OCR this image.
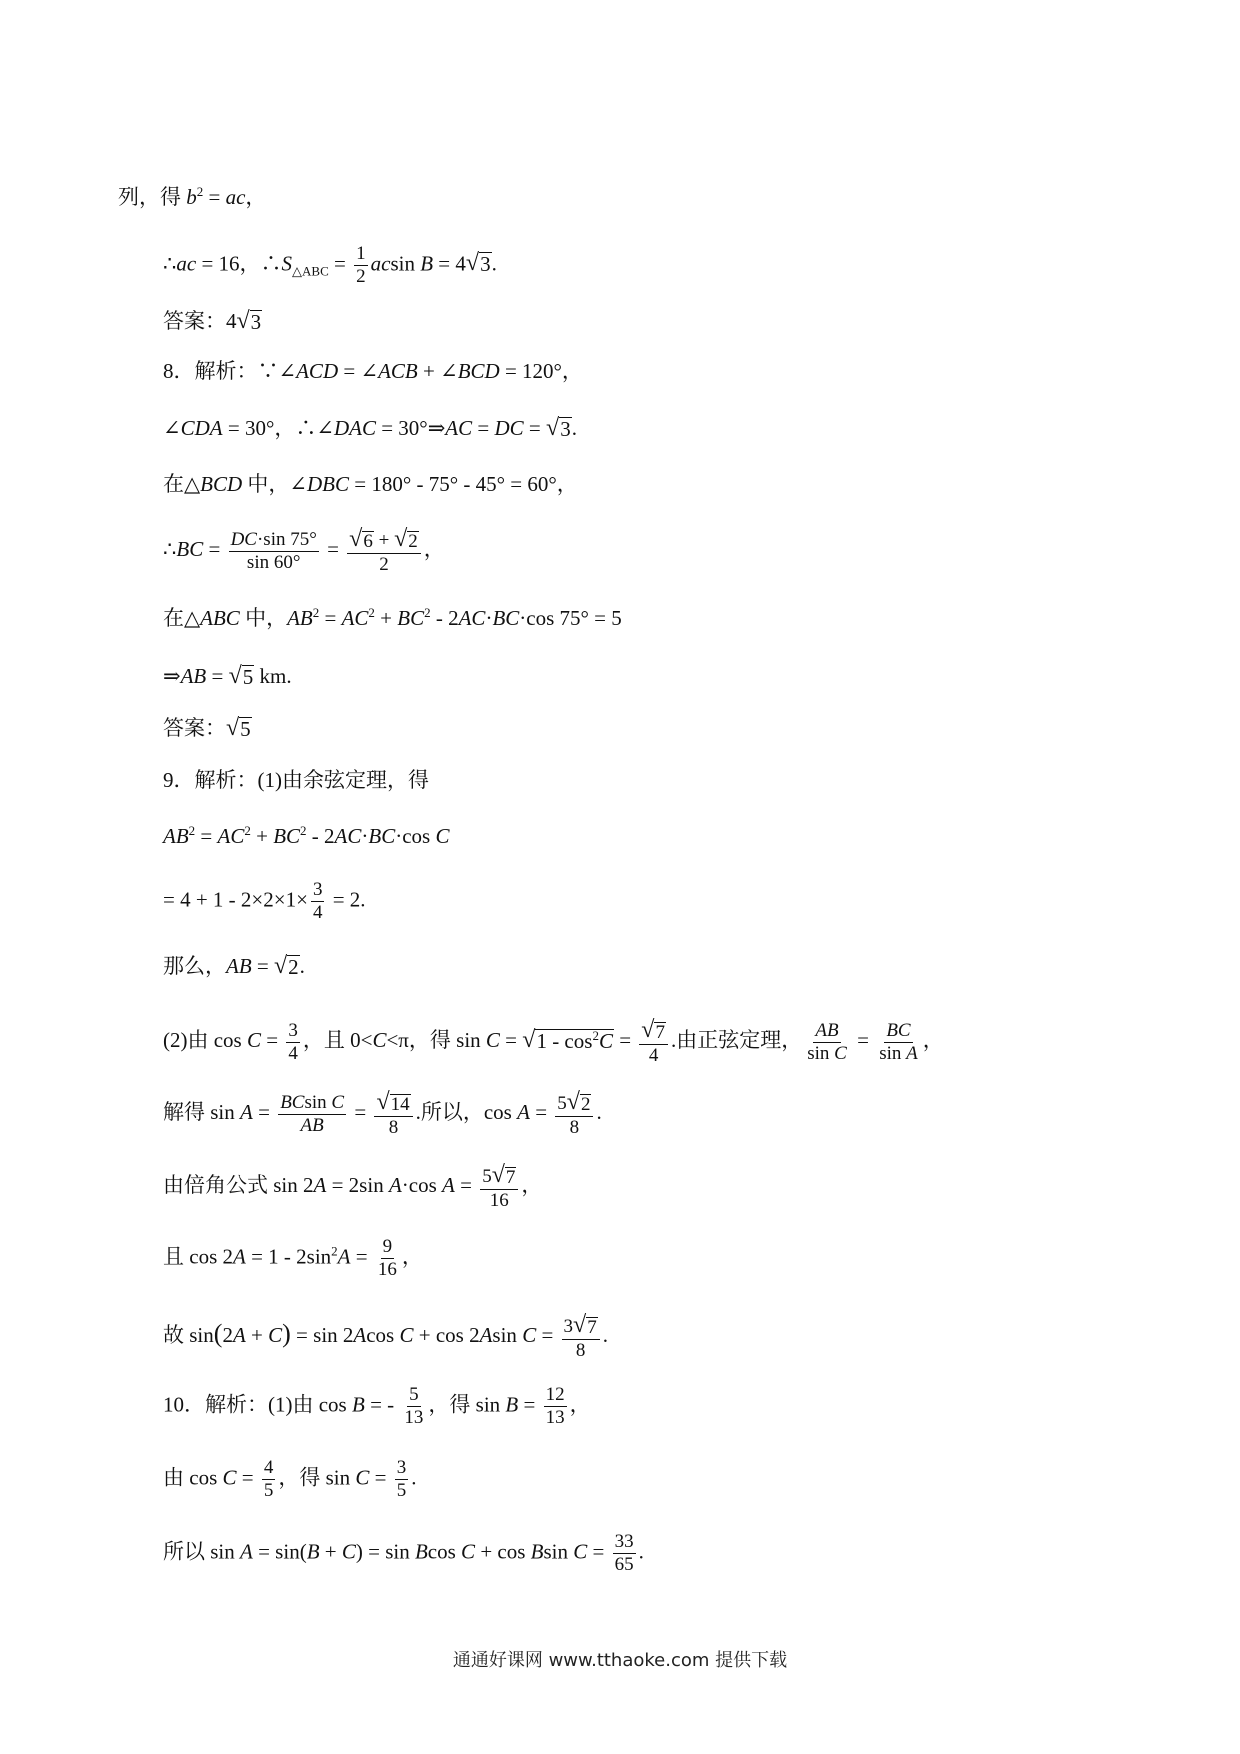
列，得 $b^2$ = ac，
∴ac = 16，$\therefore S_{\triangle ABC} = \frac{1}{2}$ acsin B = 4 √ 3 .
答案：4 √ 3
8．解析：∵∠ACD = ∠ACB + ∠BCD = 120°，
∠CDA = 30°，∴∠DAC = 30°⇒AC = DC = √ 3 .
在△BCD 中，∠DBC = 180° - 75° - 45° = 60°，
∴BC = $\frac{DC\cdot\sin 75^\circ}{\sin 60^\circ} = \frac{√ 6 + √ 2}{2}$ ，
在△ABC 中，$AB^2 = AC^2 + BC^2 - 2AC\cdot BC\cdot\cos$ 75° = 5
⇒AB = √ 5 km.
答案： √ 5
9．解析：(1)由余弦定理，得
$AB^2 = AC^2 + BC^2 - 2AC\cdot BC\cdot\cos$ C
= $4 + 1 - 2\times 2\times 1\times \frac{3}{4} = 2$.
那么，AB = √ 2 .
(2)由 $\cos C = \frac{3}{4}$ ，且 0<C<π，得 sin C = √ $1 - \cos^2C = \frac{√ 7}{4}$ .由正弦定理， $\frac{AB}{\text{sin C}} = \frac{BC}{\text{sin A}}$ ，
解得 $\sin A = \frac{\text{BCsin C}}{AB} = \frac{√ 14}{8}$ .所以，$\cos A = \frac{5 √ 2}{8}$ .
由倍角公式 sin 2A = 2sin A·cos $A = \frac{5 √ 7}{16}$ ，
且 $\cos 2A = 1 - 2\sin^2A = \frac{9}{16}$ ，
故 sin(2A + C) = sin 2Acos C + cos 2Asin $C = \frac{3 √ 7}{8}$ .
10．解析：(1)由 cos B = - $\frac{5}{13}$ ，得 $\sin B = \frac{12}{13}$ ，
由 $\cos C = \frac{4}{5}$ ，得 $\sin C = \frac{3}{5}$ .
所以 sin A = sin(B + C) = sin Bcos C + cos Bsin $C = \frac{33}{65}$ .
通通好课网 www.tthaoke.com 提供下载
